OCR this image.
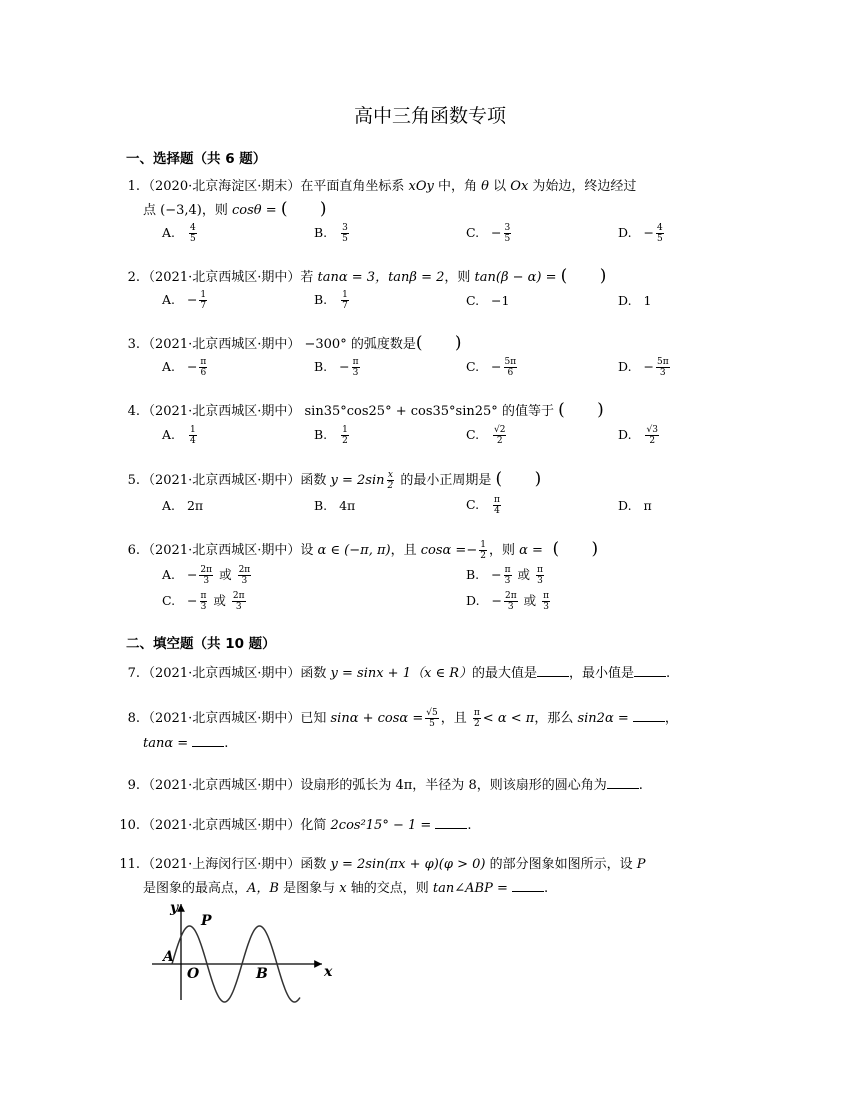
高中三角函数专项
一、选择题（共 6 题）
1. （2020·北京海淀区·期末）在平面直角坐标系 xOy 中，角 θ 以 Ox 为始边，终边经过
点 (−3,4)，则 cosθ = (      )
A. $\frac{4}{5}$	B. $\frac{3}{5}$	C. − $\frac{3}{5}$	D. − $\frac{4}{5}$
2. （2021·北京西城区·期中）若 tanα = 3，tanβ = 2，则 tan(β − α) = (      )
A. − $\frac{1}{7}$	B. $\frac{1}{7}$	C. −1	D. 1
3. （2021·北京西城区·期中） −300° 的弧度数是(      )
A. − $\frac{\pi}{6}$	B. − $\frac{\pi}{3}$	C. − $\frac{5\pi}{6}$	D. − $\frac{5\pi}{3}$
4. （2021·北京西城区·期中） sin35°cos25° + cos35°sin25° 的值等于 (      )
A. $\frac{1}{4}$	B. $\frac{1}{2}$	C. $\frac{√2}{2}$	D. $\frac{√3}{2}$
5. （2021·北京西城区·期中）函数 $y = 2\sin \frac{x}{2}$ 的最小正周期是 (      )
A. 2π	B. 4π	C. $\frac{\pi}{4}$	D. π
6. （2021·北京西城区·期中）设 α ∈ (−π, π)，且 $\cos\alpha =- \frac{1}{2}$ ，则 α =  (      )
A. − $\frac{2\pi}{3}$ 或 $\frac{2\pi}{3}$	B. − $\frac{\pi}{3}$ 或 $\frac{\pi}{3}$
C. − $\frac{\pi}{3}$ 或 $\frac{2\pi}{3}$	D. − $\frac{2\pi}{3}$ 或 $\frac{\pi}{3}$
二、填空题（共 10 题）
7. （2021·北京西城区·期中）函数 y = sinx + 1（x ∈ R）的最大值是 ，最小值是 .
8. （2021·北京西城区·期中）已知 $\sin\alpha + \cos\alpha = \frac{√5}{5}$ ，且 $\frac{\pi}{2} < \alpha < \pi$，那么 sin2α =	，
tanα =	.
9. （2021·北京西城区·期中）设扇形的弧长为 4π，半径为 8，则该扇形的圆心角为 .
10. （2021·北京西城区·期中）化简 2cos²15° − 1 =	.
11. （2021·上海闵行区·期中）函数 y = 2sin(πx + φ)(φ > 0) 的部分图象如图所示，设 P
是图象的最高点，A，B 是图象与 x 轴的交点，则 tan∠ABP =	.
y
x
P
A
O	B
